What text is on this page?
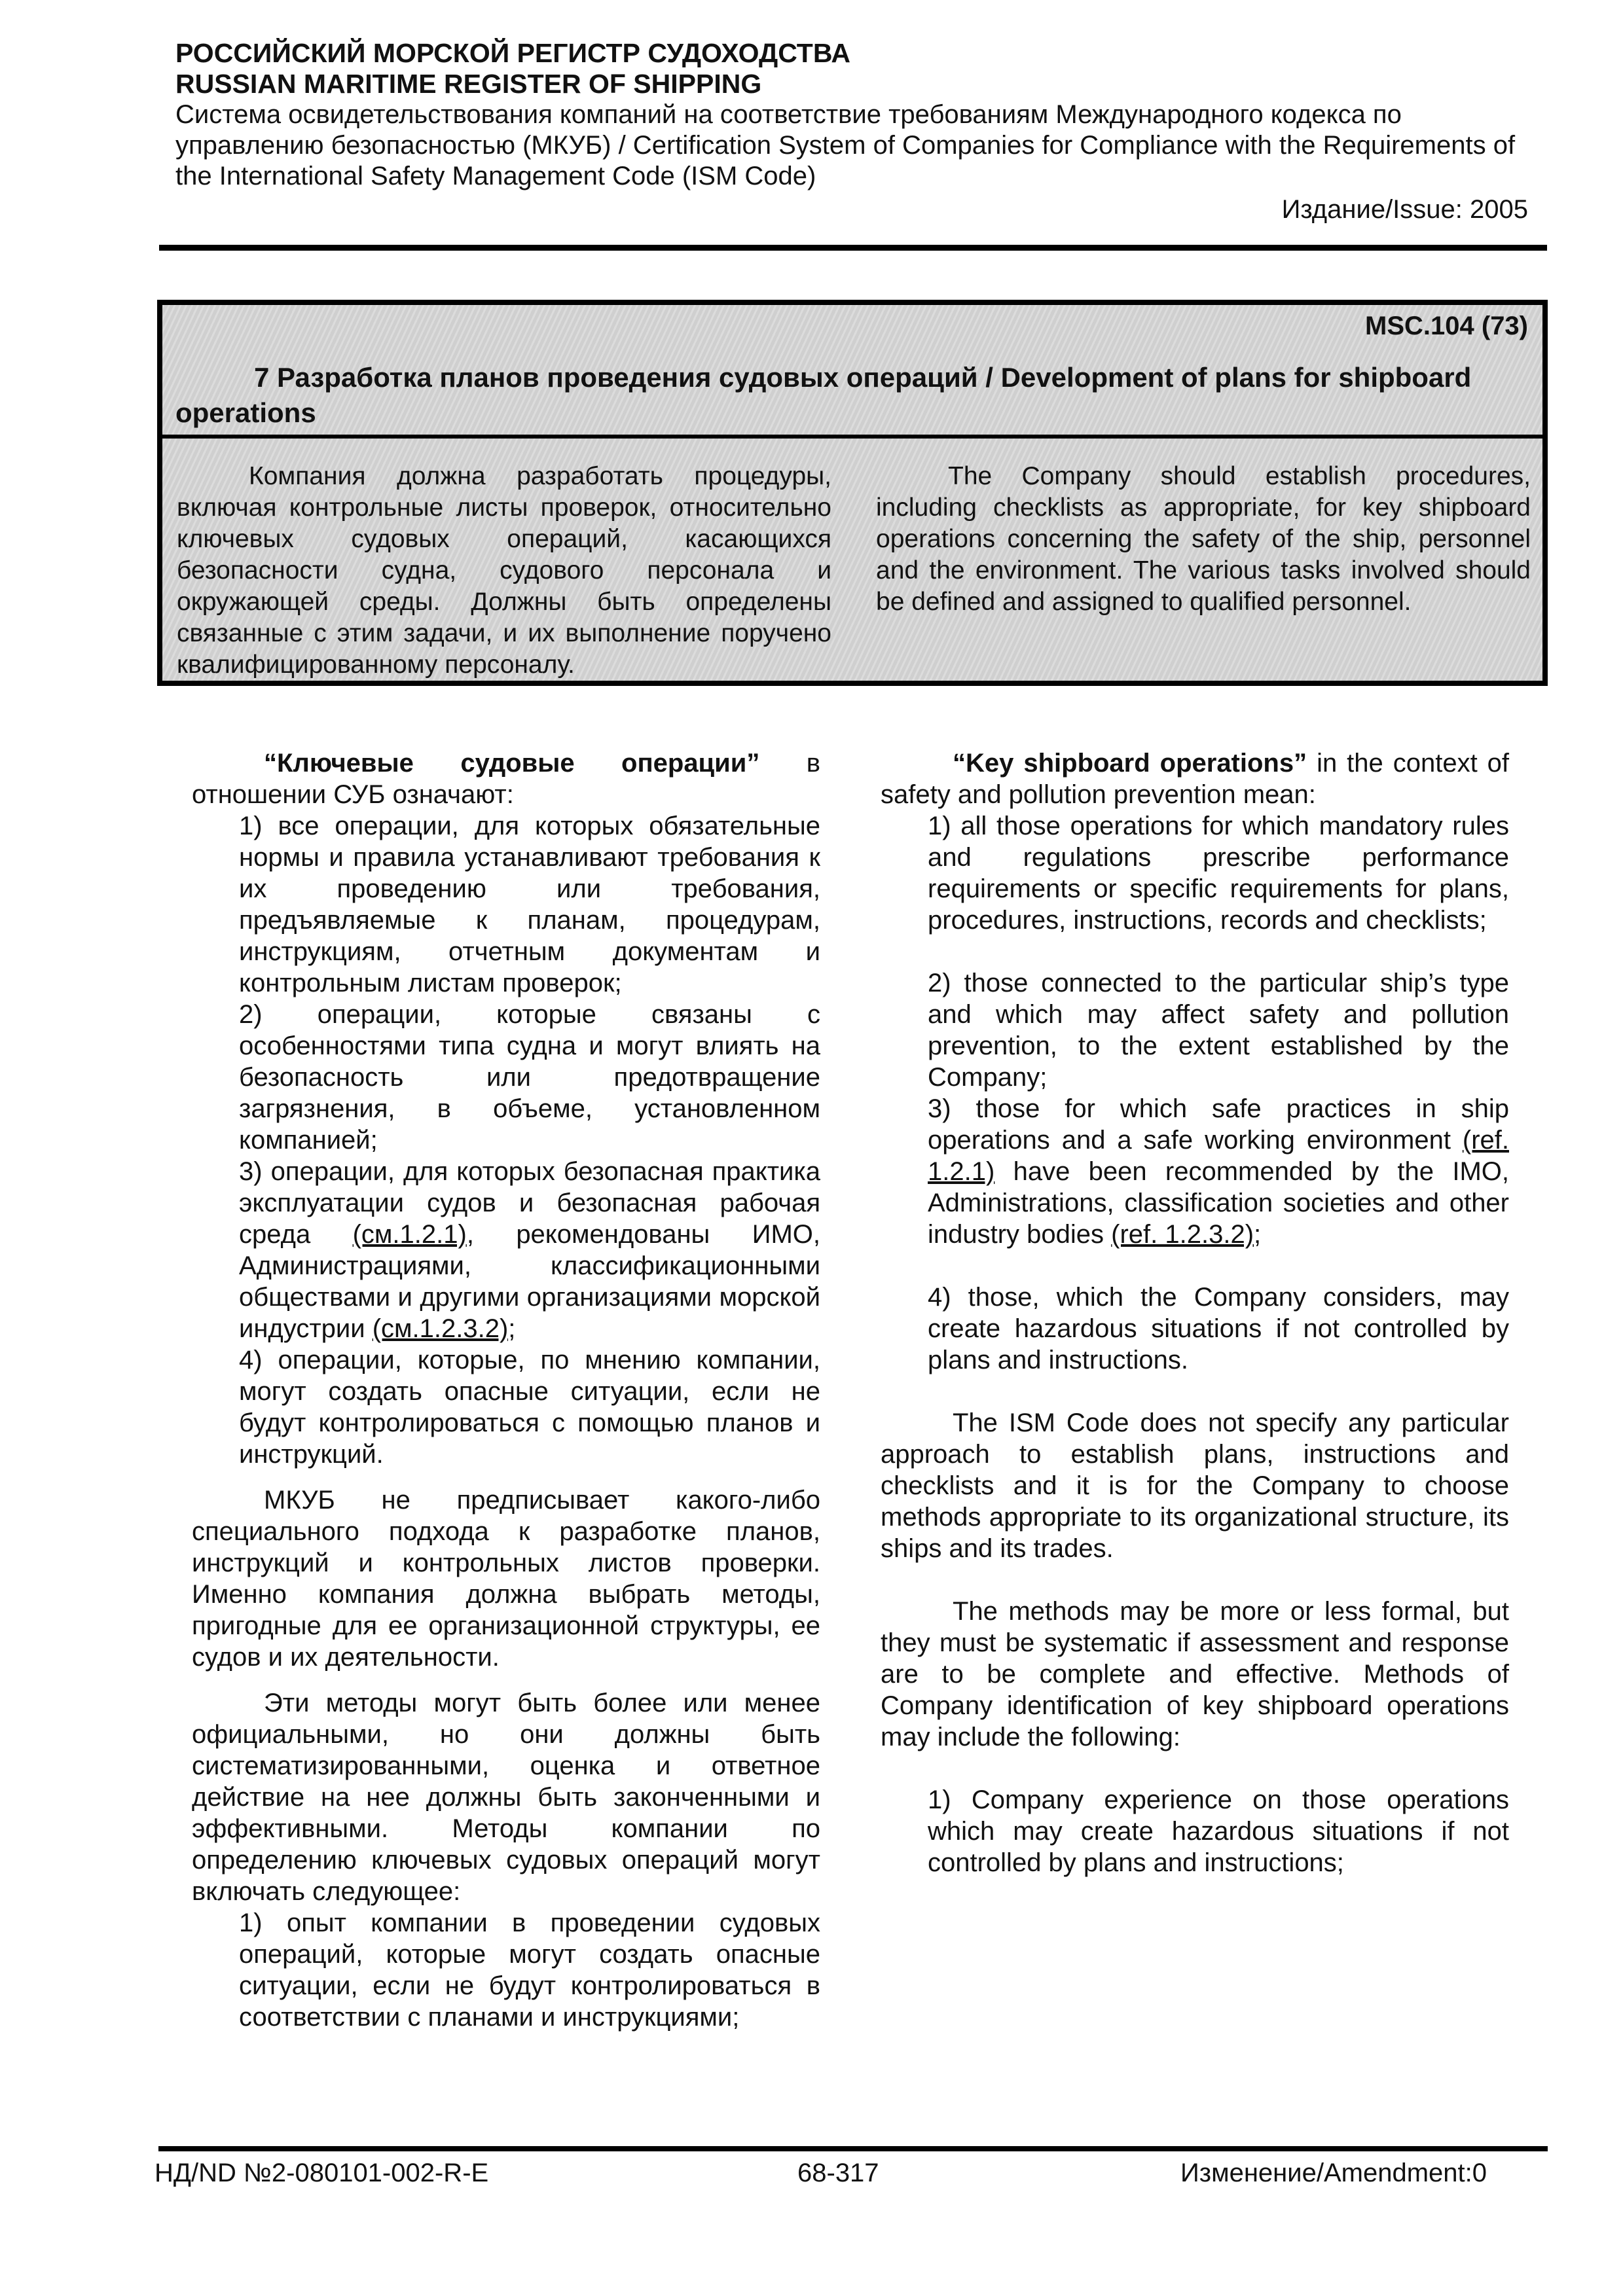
РОССИЙСКИЙ МОРСКОЙ РЕГИСТР СУДОХОДСТВА
RUSSIAN MARITIME REGISTER OF SHIPPING
Система освидетельствования компаний на соответствие требованиям Международного кодекса по управлению безопасностью (МКУБ) / Certification System of Companies for Compliance with the Requirements of the International Safety Management Code (ISM Code)
Издание/Issue: 2005
MSC.104 (73)
7 Разработка планов проведения судовых операций / Development of plans for shipboard operations
Компания должна разработать процедуры, включая контрольные листы проверок, относительно ключевых судовых операций, касающихся безопасности судна, судового персонала и окружающей среды. Должны быть определены связанные с этим задачи, и их выполнение поручено квалифицированному персоналу.
The Company should establish procedures, including checklists as appropriate, for key shipboard operations concerning the safety of the ship, personnel and the environment. The various tasks involved should be defined and assigned to qualified personnel.

“Ключевые судовые операции” в отношении СУБ означают:

1) все операции, для которых обязательные нормы и правила устанавливают требования к их проведению или требования, предъявляемые к планам, процедурам, инструкциям, отчетным документам и контрольным листам проверок;

2) операции, которые связаны с особенностями типа судна и могут влиять на безопасность или предотвращение загрязнения, в объеме, установленном компанией;

3) операции, для которых безопасная практика эксплуатации судов и безопасная рабочая среда (см.1.2.1), рекомендованы ИМО, Администрациями, классификационными обществами и другими организациями морской индустрии (см.1.2.3.2);

4) операции, которые, по мнению компании, могут создать опасные ситуации, если не будут контролироваться с помощью планов и инструкций.

МКУБ не предписывает какого-либо специального подхода к разработке планов, инструкций и контрольных листов проверки. Именно компания должна выбрать методы, пригодные для ее организационной структуры, ее судов и их деятельности.

Эти методы могут быть более или менее официальными, но они должны быть систематизированными, оценка и ответное действие на нее должны быть законченными и эффективными. Методы компании по определению ключевых судовых операций могут включать следующее:

1) опыт компании в проведении судовых операций, которые могут создать опасные ситуации, если не будут контролироваться в соответствии с планами и инструкциями;

“Key shipboard operations” in the context of safety and pollution prevention mean:

1) all those operations for which mandatory rules and regulations prescribe performance requirements or specific requirements for plans, procedures, instructions, records and checklists;

2) those connected to the particular ship’s type and which may affect safety and pollution prevention, to the extent established by the Company;

3) those for which safe practices in ship operations and a safe working environment (ref. 1.2.1) have been recommended by the IMO, Administrations, classification societies and other industry bodies (ref. 1.2.3.2);

4) those, which the Company considers, may create hazardous situations if not controlled by plans and instructions.

The ISM Code does not specify any particular approach to establish plans, instructions and checklists and it is for the Company to choose methods appropriate to its organizational structure, its ships and its trades.

The methods may be more or less formal, but they must be systematic if assessment and response are to be complete and effective. Methods of Company identification of key shipboard operations may include the following:

1) Company experience on those operations which may create hazardous situations if not controlled by plans and instructions;

НД/ND №2-080101-002-R-E	68-317	Изменение/Amendment:0
